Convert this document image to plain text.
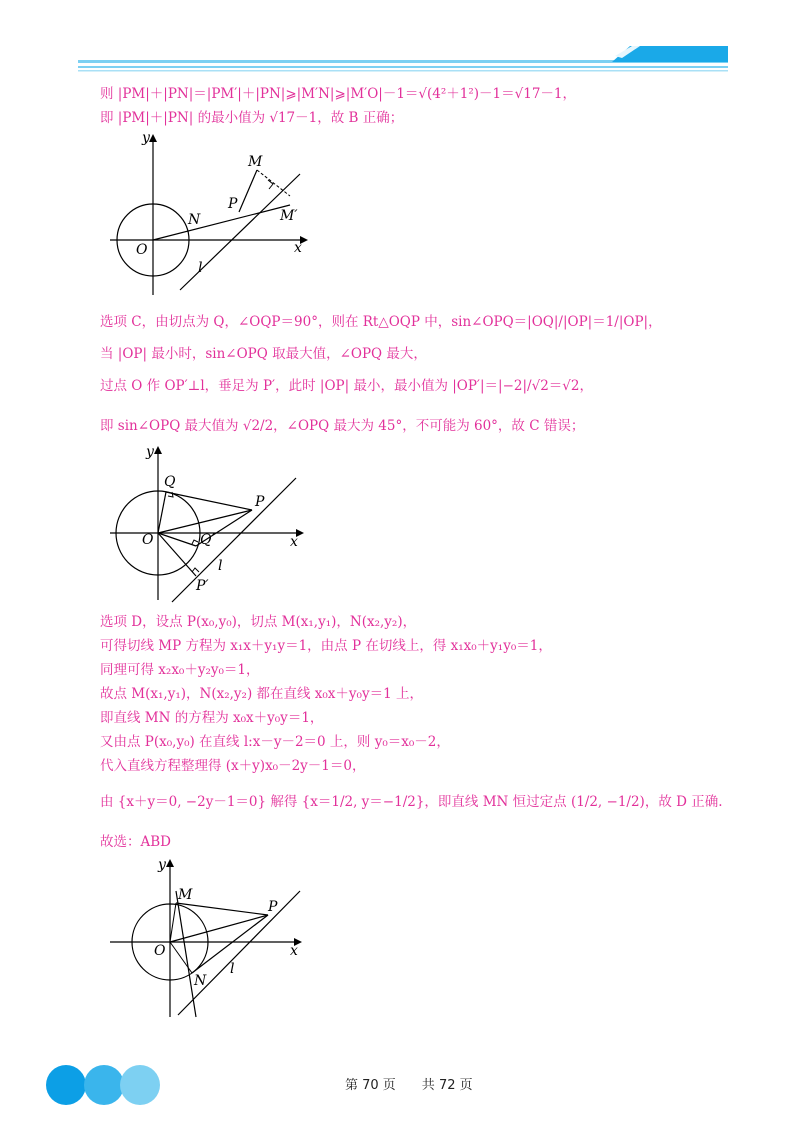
则 |PM|＋|PN|＝|PM′|＋|PN|⩾|M′N|⩾|M′O|－1＝√(4²＋1²)－1＝√17－1，
即 |PM|＋|PN| 的最小值为 √17－1，故 B 正确；
y
x
O
N
P
M
M′
l
选项 C，由切点为 Q，∠OQP＝90°，则在 Rt△OQP 中，sin∠OPQ＝|OQ|/|OP|＝1/|OP|，
当 |OP| 最小时，sin∠OPQ 取最大值，∠OPQ 最大，
过点 O 作 OP′⊥l，垂足为 P′，此时 |OP| 最小，最小值为 |OP′|＝|−2|/√2＝√2，
即 sin∠OPQ 最大值为 √2/2，∠OPQ 最大为 45°，不可能为 60°，故 C 错误；
y
x
O
Q
P
Q′
P′
l
选项 D，设点 P(x₀,y₀)，切点 M(x₁,y₁)，N(x₂,y₂)，
可得切线 MP 方程为 x₁x＋y₁y＝1，由点 P 在切线上，得 x₁x₀＋y₁y₀＝1，
同理可得 x₂x₀＋y₂y₀＝1，
故点 M(x₁,y₁)，N(x₂,y₂) 都在直线 x₀x＋y₀y＝1 上，
即直线 MN 的方程为 x₀x＋y₀y＝1，
又由点 P(x₀,y₀) 在直线 l:x－y－2＝0 上，则 y₀＝x₀－2，
代入直线方程整理得 (x＋y)x₀－2y－1＝0，
由 {x＋y＝0, −2y－1＝0} 解得 {x＝1/2, y＝−1/2}，即直线 MN 恒过定点 (1/2, −1/2)，故 D 正确.
故选：ABD
y
x
O
M
P
N
l
第 70 页　　共 72 页
